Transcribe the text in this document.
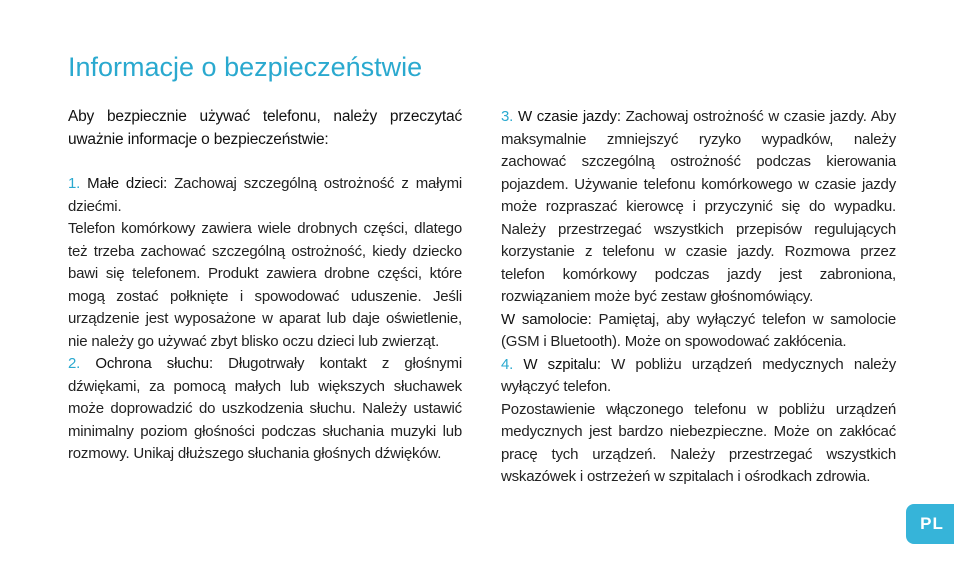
Informacje o bezpieczeństwie

Aby bezpiecznie używać telefonu, należy przeczytać uważnie informacje o bezpieczeństwie:

1. Małe dzieci: Zachowaj szczególną ostrożność z małymi dziećmi.

Telefon komórkowy zawiera wiele drobnych części, dlatego też trzeba zachować szczególną ostrożność, kiedy dziecko bawi się telefonem. Produkt zawiera drobne części, które mogą zostać połknięte i spowodować uduszenie. Jeśli urządzenie jest wyposażone w aparat lub daje oświetlenie, nie należy go używać zbyt blisko oczu dzieci lub zwierząt.

2. Ochrona słuchu: Długotrwały kontakt z głośnymi dźwiękami, za pomocą małych lub większych słuchawek może doprowadzić do uszkodzenia słuchu. Należy ustawić minimalny poziom głośności podczas słuchania muzyki lub rozmowy. Unikaj dłuższego słuchania głośnych dźwięków.

3. W czasie jazdy: Zachowaj ostrożność w czasie jazdy. Aby maksymalnie zmniejszyć ryzyko wypadków, należy zachować szczególną ostrożność podczas kierowania pojazdem. Używanie telefonu komórkowego w czasie jazdy może rozpraszać kierowcę i przyczynić się do wypadku. Należy przestrzegać wszystkich przepisów regulujących korzystanie z telefonu w czasie jazdy. Rozmowa przez telefon komórkowy podczas jazdy jest zabroniona, rozwiązaniem może być zestaw głośnomówiący.

W samolocie: Pamiętaj, aby wyłączyć telefon w samolocie (GSM i Bluetooth). Może on spowodować zakłócenia.

4. W szpitalu: W pobliżu urządzeń medycznych należy wyłączyć telefon.

Pozostawienie włączonego telefonu w pobliżu urządzeń medycznych jest bardzo niebezpieczne. Może on zakłócać pracę tych urządzeń. Należy przestrzegać wszystkich wskazówek i ostrzeżeń w szpitalach i ośrodkach zdrowia.

PL
